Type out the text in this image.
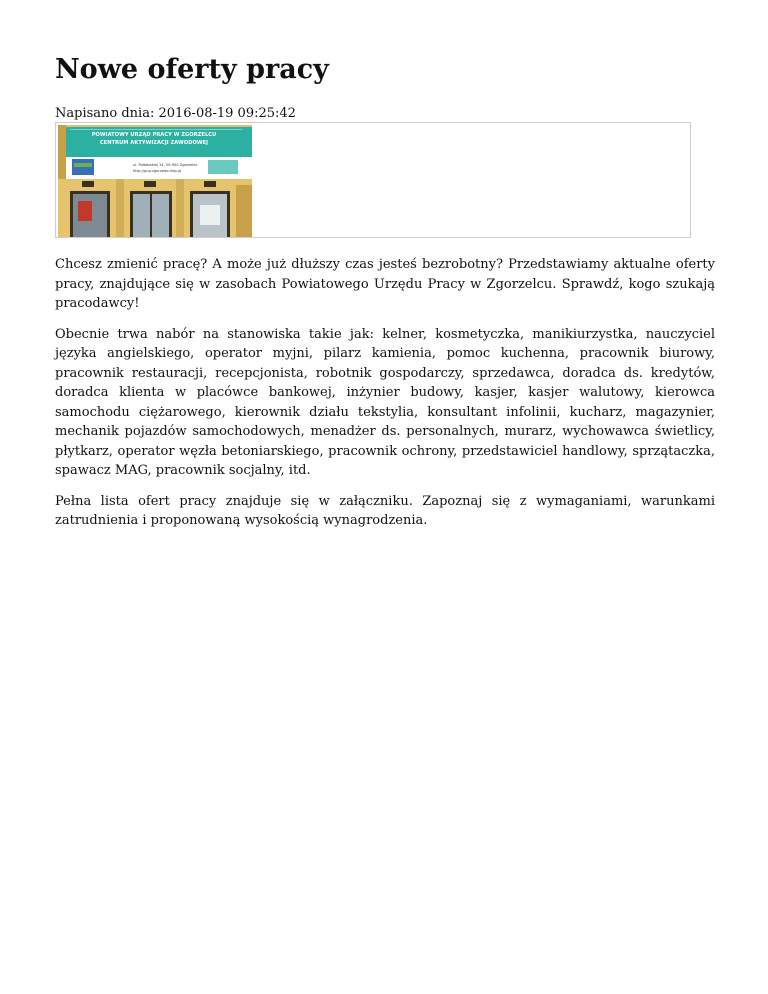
Nowe oferty pracy
Napisano dnia: 2016-08-19 09:25:42
POWIATOWY URZĄD PRACY W ZGORZELCU
CENTRUM AKTYWIZACJI ZAWODOWEJ
ul. Połtabskiej 14, 59-900 Zgorzelec
http://pup.zgorzelec.ibip.pl

Chcesz zmienić pracę? A może już dłuższy czas jesteś bezrobotny? Przedstawiamy aktualne oferty pracy, znajdujące się w zasobach Powiatowego Urzędu Pracy w Zgorzelcu. Sprawdź, kogo szukają pracodawcy!

Obecnie trwa nabór na stanowiska takie jak: kelner, kosmetyczka, manikiurzystka, nauczyciel języka angielskiego, operator myjni, pilarz kamienia, pomoc kuchenna, pracownik biurowy, pracownik restauracji, recepcjonista, robotnik gospodarczy, sprzedawca, doradca ds. kredytów, doradca klienta w placówce bankowej, inżynier budowy, kasjer, kasjer walutowy, kierowca samochodu ciężarowego, kierownik działu tekstylia, konsultant infolinii, kucharz, magazynier, mechanik pojazdów samochodowych, menadżer ds. personalnych, murarz, wychowawca świetlicy, płytkarz, operator węzła betoniarskiego, pracownik ochrony, przedstawiciel handlowy, sprzątaczka, spawacz MAG, pracownik socjalny, itd.

Pełna lista ofert pracy znajduje się w załączniku. Zapoznaj się z wymaganiami, warunkami zatrudnienia i proponowaną wysokością wynagrodzenia.
